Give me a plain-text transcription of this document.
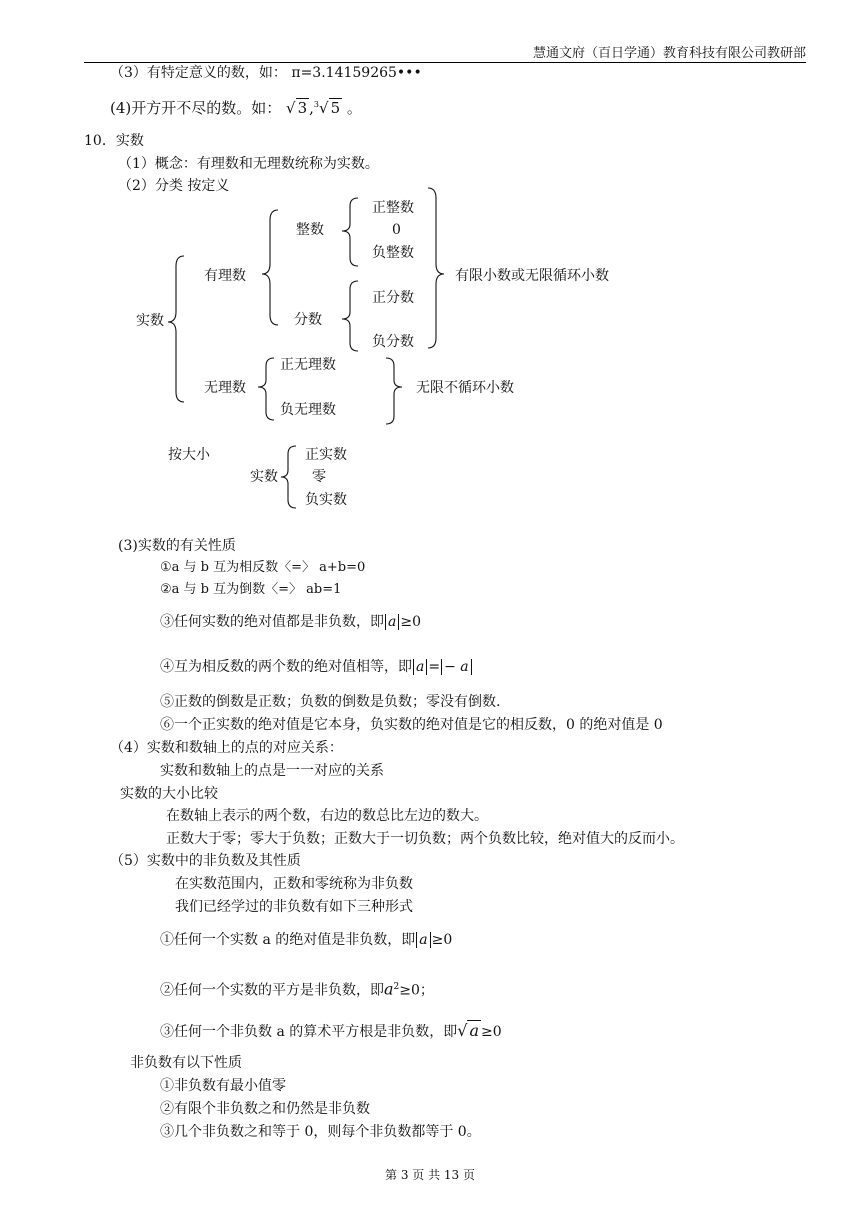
慧通文府（百日学通）教育科技有限公司教研部
（3）有特定意义的数，如： π=3.14159265•••
(4)开方开不尽的数。如： √ 3 ,$^3$√ 5 。
10．实数
（1）概念：有理数和无理数统称为实数。
（2）分类 按定义
实数
有理数
整数
正整数
0
负整数
分数
正分数
负分数
有限小数或无限循环小数
无理数
正无理数
负无理数
无限不循环小数
按大小
实数
正实数
零
负实数
(3)实数的有关性质
①a 与 b 互为相反数〈=〉 a+b=0
②a 与 b 互为倒数〈=〉 ab=1
③任何实数的绝对值都是非负数，即 a ≥0
④互为相反数的两个数的绝对值相等，即 a = − a
⑤正数的倒数是正数；负数的倒数是负数；零没有倒数.
⑥一个正实数的绝对值是它本身，负实数的绝对值是它的相反数，0 的绝对值是 0
（4）实数和数轴上的点的对应关系：
实数和数轴上的点是一一对应的关系
实数的大小比较
在数轴上表示的两个数，右边的数总比左边的数大。
正数大于零；零大于负数；正数大于一切负数；两个负数比较，绝对值大的反而小。
（5）实数中的非负数及其性质
在实数范围内，正数和零统称为非负数
我们已经学过的非负数有如下三种形式
①任何一个实数 a 的绝对值是非负数，即 a ≥0
②任何一个实数的平方是非负数，即$a^2\ge 0$；
③任何一个非负数 a 的算术平方根是非负数，即√ a ≥0
非负数有以下性质
①非负数有最小值零
②有限个非负数之和仍然是非负数
③几个非负数之和等于 0，则每个非负数都等于 0。
第 3 页 共 13 页
